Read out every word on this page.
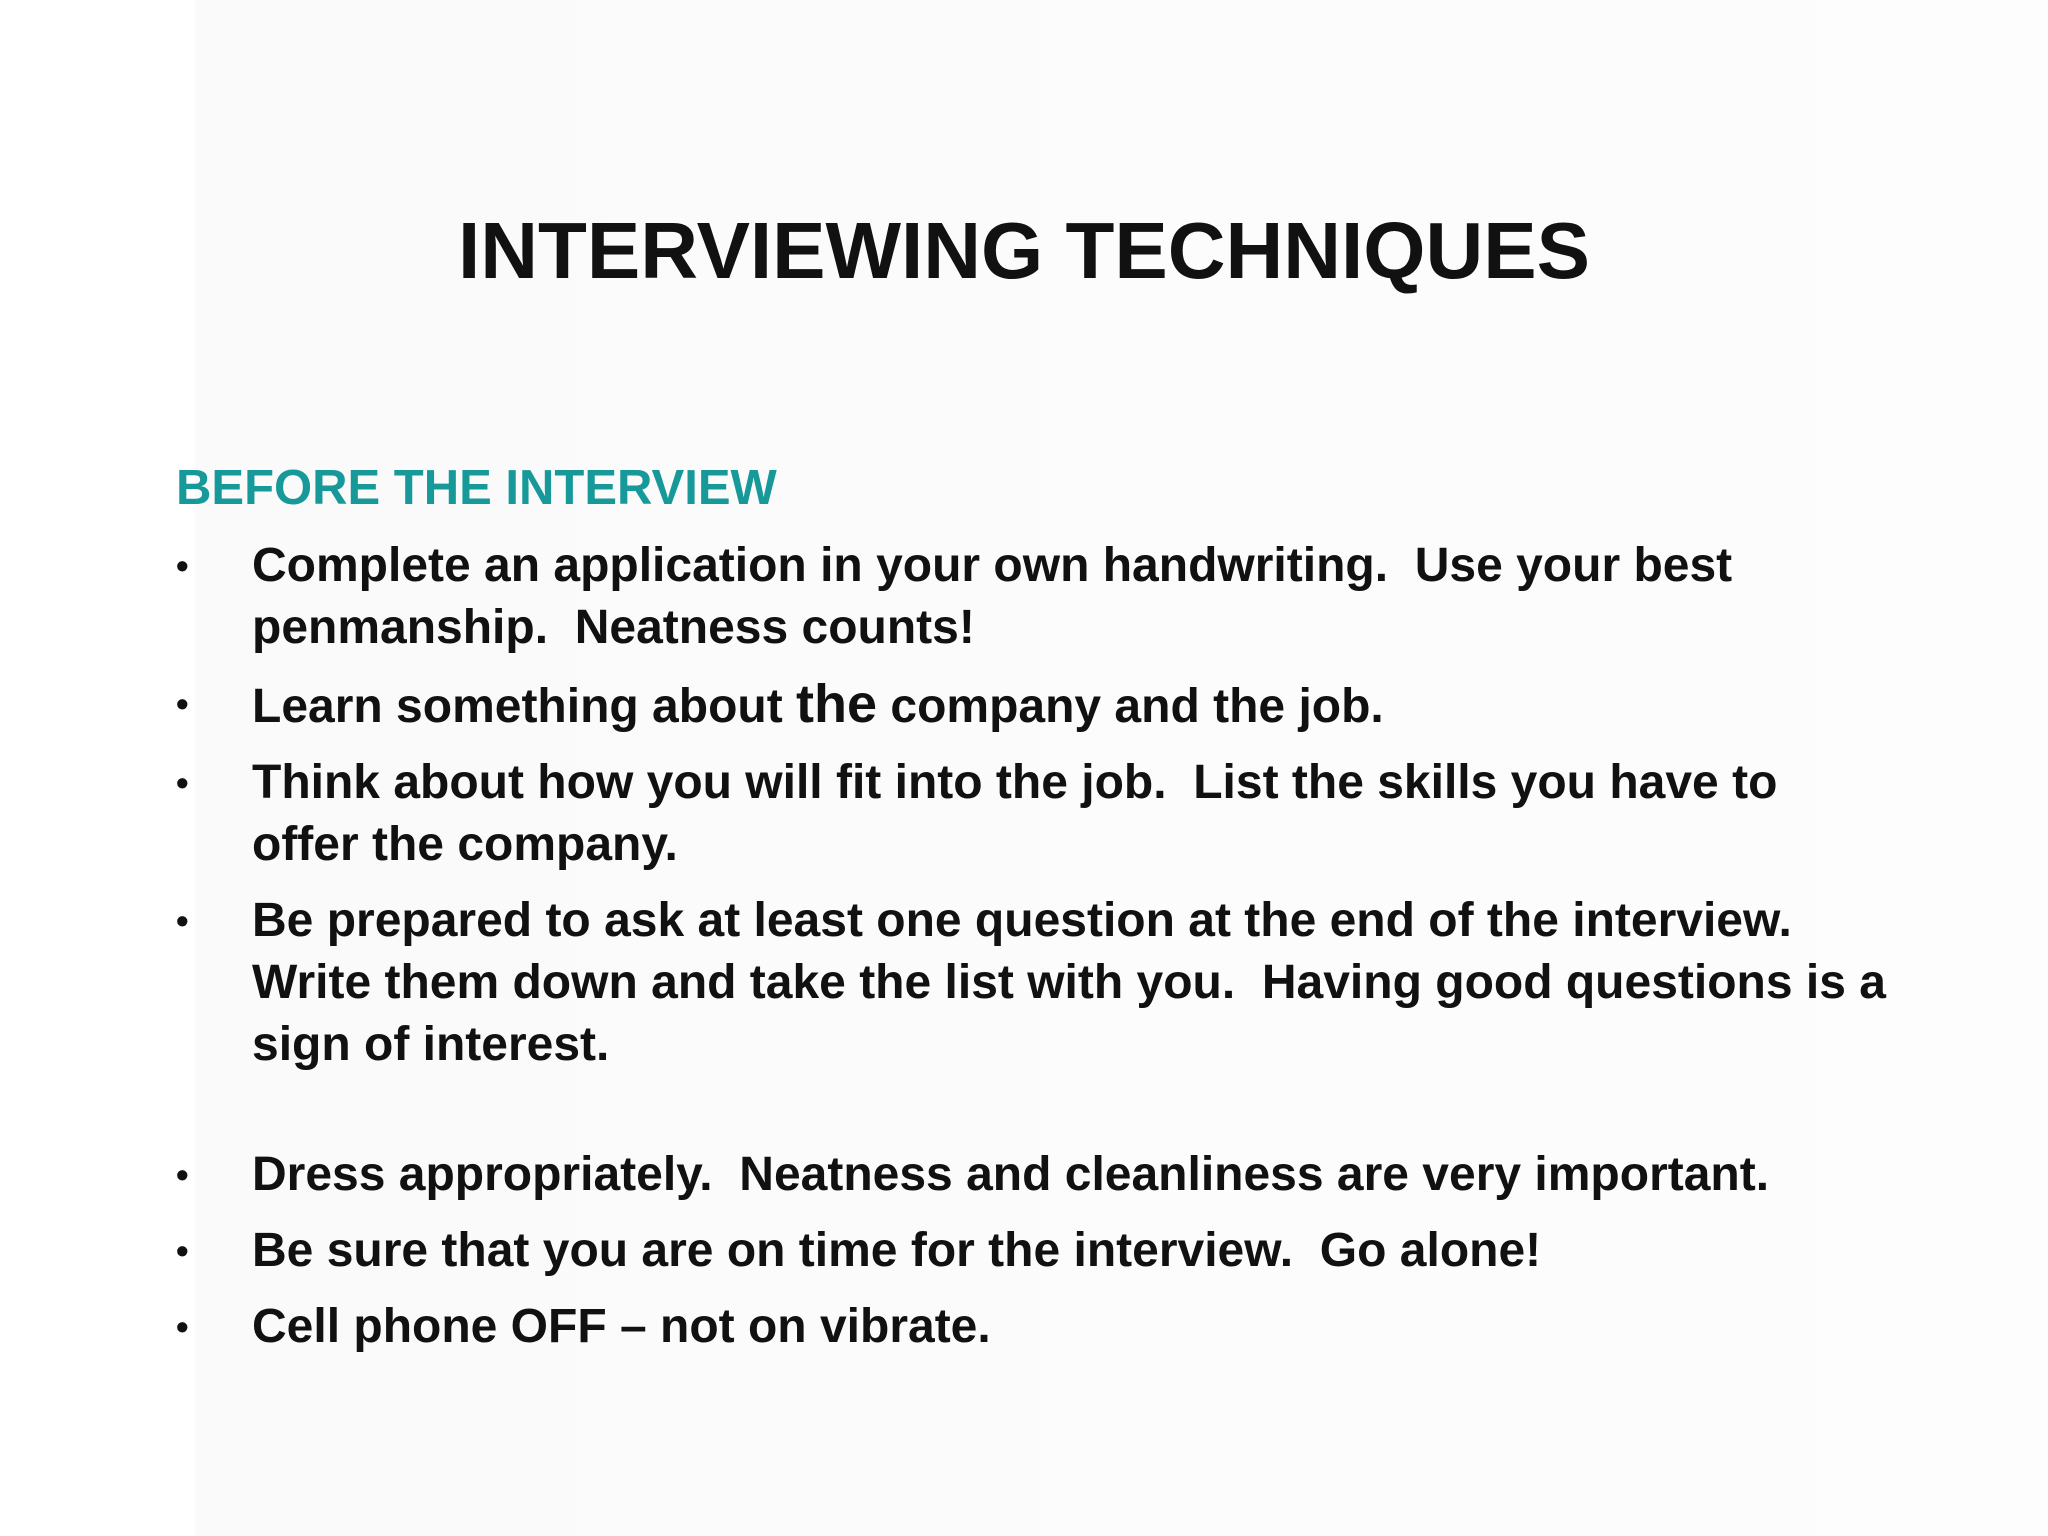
INTERVIEWING TECHNIQUES
BEFORE THE INTERVIEW
•	Complete an application in your own handwriting.  Use your best penmanship.  Neatness counts!
•	Learn something about the company and the job.
•	Think about how you will fit into the job.  List the skills you have to offer the company.
•	Be prepared to ask at least one question at the end of the interview.  Write them down and take the list with you.  Having good questions is a sign of interest.
•	Dress appropriately.  Neatness and cleanliness are very important.
•	Be sure that you are on time for the interview.  Go alone!
•	Cell phone OFF – not on vibrate.
